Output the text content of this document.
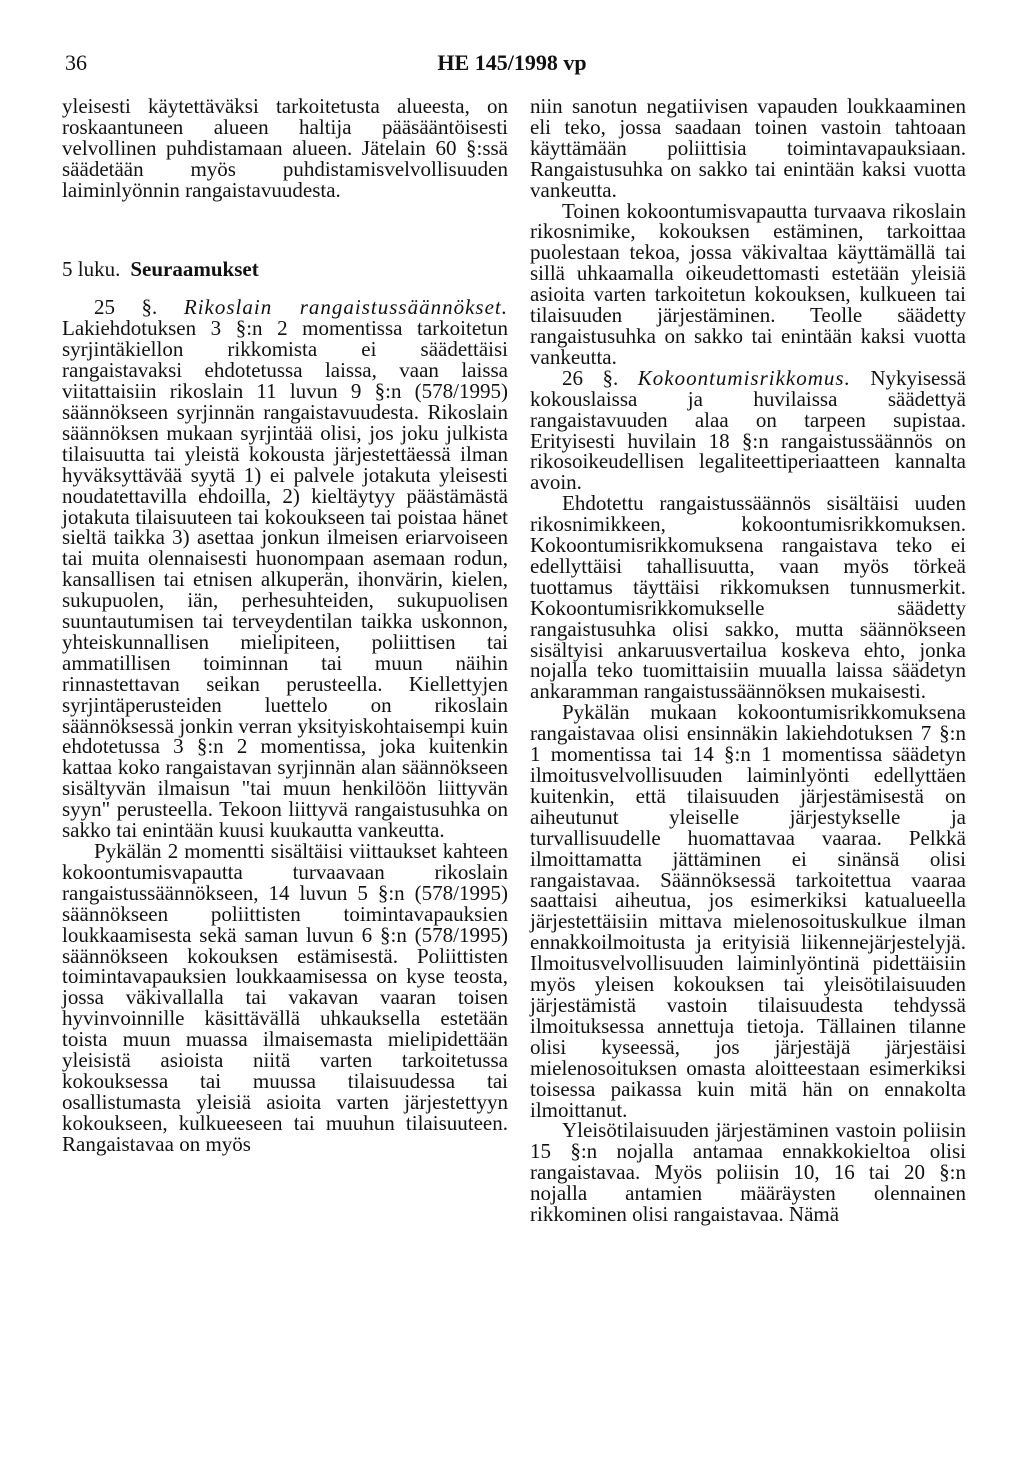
36	HE 145/1998 vp

yleisesti käytettäväksi tarkoitetusta alueesta, on roskaantuneen alueen haltija pääsääntöisesti velvollinen puhdistamaan alueen. Jätelain 60 §:ssä säädetään myös puhdistamisvelvollisuuden laiminlyönnin rangaistavuudesta.

5 luku. Seuraamukset

25 §. Rikoslain rangaistussäännökset. Lakiehdotuksen 3 §:n 2 momentissa tarkoitetun syrjintäkiellon rikkomista ei säädettäisi rangaistavaksi ehdotetussa laissa, vaan laissa viitattaisiin rikoslain 11 luvun 9 §:n (578/1995) säännökseen syrjinnän rangaistavuudesta. Rikoslain säännöksen mukaan syrjintää olisi, jos joku julkista tilaisuutta tai yleistä kokousta järjestettäessä ilman hyväksyttävää syytä 1) ei palvele jotakuta yleisesti noudatettavilla ehdoilla, 2) kieltäytyy päästämästä jotakuta tilaisuuteen tai kokoukseen tai poistaa hänet sieltä taikka 3) asettaa jonkun ilmeisen eriarvoiseen tai muita olennaisesti huonompaan asemaan rodun, kansallisen tai etnisen alkuperän, ihonvärin, kielen, sukupuolen, iän, perhesuhteiden, sukupuolisen suuntautumisen tai terveydentilan taikka uskonnon, yhteiskunnallisen mielipiteen, poliittisen tai ammatillisen toiminnan tai muun näihin rinnastettavan seikan perusteella. Kiellettyjen syrjintäperusteiden luettelo on rikoslain säännöksessä jonkin verran yksityiskohtaisempi kuin ehdotetussa 3 §:n 2 momentissa, joka kuitenkin kattaa koko rangaistavan syrjinnän alan säännökseen sisältyvän ilmaisun "tai muun henkilöön liittyvän syyn" perusteella. Tekoon liittyvä rangaistusuhka on sakko tai enintään kuusi kuukautta vankeutta.

Pykälän 2 momentti sisältäisi viittaukset kahteen kokoontumisvapautta turvaavaan rikoslain rangaistussäännökseen, 14 luvun 5 §:n (578/1995) säännökseen poliittisten toimintavapauksien loukkaamisesta sekä saman luvun 6 §:n (578/1995) säännökseen kokouksen estämisestä. Poliittisten toimintavapauksien loukkaamisessa on kyse teosta, jossa väkivallalla tai vakavan vaaran toisen hyvinvoinnille käsittävällä uhkauksella estetään toista muun muassa ilmaisemasta mielipidettään yleisistä asioista niitä varten tarkoitetussa kokouksessa tai muussa tilaisuudessa tai osallistumasta yleisiä asioita varten järjestettyyn kokoukseen, kulkueeseen tai muuhun tilaisuuteen. Rangaistavaa on myös

niin sanotun negatiivisen vapauden loukkaaminen eli teko, jossa saadaan toinen vastoin tahtoaan käyttämään poliittisia toimintavapauksiaan. Rangaistusuhka on sakko tai enintään kaksi vuotta vankeutta.

Toinen kokoontumisvapautta turvaava rikoslain rikosnimike, kokouksen estäminen, tarkoittaa puolestaan tekoa, jossa väkivaltaa käyttämällä tai sillä uhkaamalla oikeudettomasti estetään yleisiä asioita varten tarkoitetun kokouksen, kulkueen tai tilaisuuden järjestäminen. Teolle säädetty rangaistusuhka on sakko tai enintään kaksi vuotta vankeutta.

26 §. Kokoontumisrikkomus. Nykyisessä kokouslaissa ja huvilaissa säädettyä rangaistavuuden alaa on tarpeen supistaa. Erityisesti huvilain 18 §:n rangaistussäännös on rikosoikeudellisen legaliteettiperiaatteen kannalta avoin.

Ehdotettu rangaistussäännös sisältäisi uuden rikosnimikkeen, kokoontumisrikkomuksen. Kokoontumisrikkomuksena rangaistava teko ei edellyttäisi tahallisuutta, vaan myös törkeä tuottamus täyttäisi rikkomuksen tunnusmerkit. Kokoontumisrikkomukselle säädetty rangaistusuhka olisi sakko, mutta säännökseen sisältyisi ankaruusvertailua koskeva ehto, jonka nojalla teko tuomittaisiin muualla laissa säädetyn ankaramman rangaistussäännöksen mukaisesti.

Pykälän mukaan kokoontumisrikkomuksena rangaistavaa olisi ensinnäkin lakiehdotuksen 7 §:n 1 momentissa tai 14 §:n 1 momentissa säädetyn ilmoitusvelvollisuuden laiminlyönti edellyttäen kuitenkin, että tilaisuuden järjestämisestä on aiheutunut yleiselle järjestykselle ja turvallisuudelle huomattavaa vaaraa. Pelkkä ilmoittamatta jättäminen ei sinänsä olisi rangaistavaa. Säännöksessä tarkoitettua vaaraa saattaisi aiheutua, jos esimerkiksi katualueella järjestettäisiin mittava mielenosoituskulkue ilman ennakkoilmoitusta ja erityisiä liikennejärjestelyjä. Ilmoitusvelvollisuuden laiminlyöntinä pidettäisiin myös yleisen kokouksen tai yleisötilaisuuden järjestämistä vastoin tilaisuudesta tehdyssä ilmoituksessa annettuja tietoja. Tällainen tilanne olisi kyseessä, jos järjestäjä järjestäisi mielenosoituksen omasta aloitteestaan esimerkiksi toisessa paikassa kuin mitä hän on ennakolta ilmoittanut.

Yleisötilaisuuden järjestäminen vastoin poliisin 15 §:n nojalla antamaa ennakkokieltoa olisi rangaistavaa. Myös poliisin 10, 16 tai 20 §:n nojalla antamien määräysten olennainen rikkominen olisi rangaistavaa. Nämä
